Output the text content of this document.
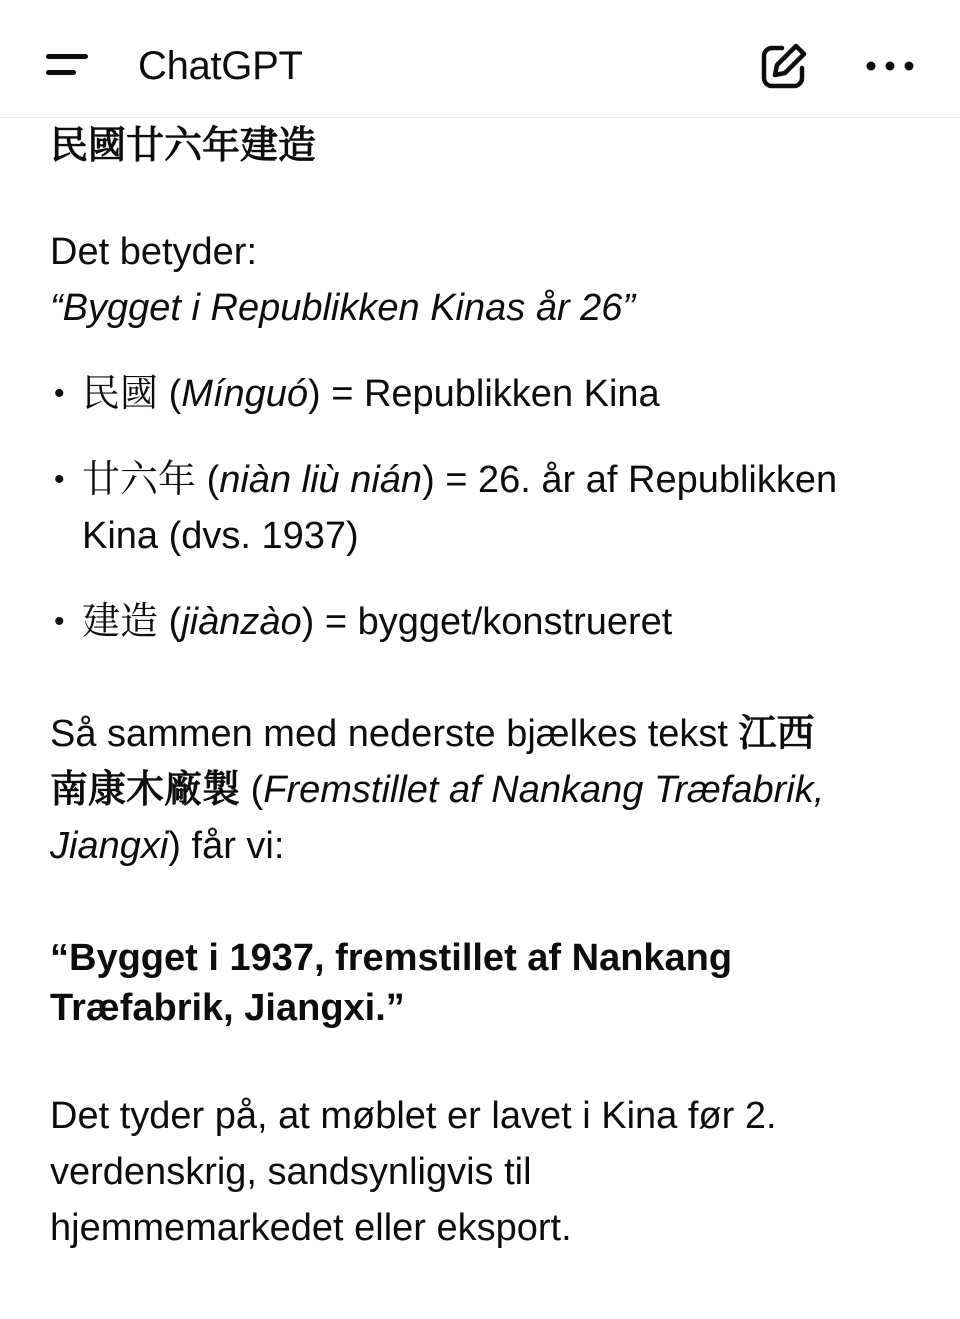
ChatGPT

民國廿六年建造

Det betyder:

“Bygget i Republikken Kinas år 26”

• 民國 (Mínguó) = Republikken Kina
• 廿六年 (niàn liù nián) = 26. år af Republikken
Kina (dvs. 1937)
• 建造 (jiànzào) = bygget/konstrueret

Så sammen med nederste bjælkes tekst 江西

南康木廠製 (Fremstillet af Nankang Træfabrik,

Jiangxi) får vi:

“Bygget i 1937, fremstillet af Nankang

Træfabrik, Jiangxi.”

Det tyder på, at møblet er lavet i Kina før 2.

verdenskrig, sandsynligvis til

hjemmemarkedet eller eksport.
